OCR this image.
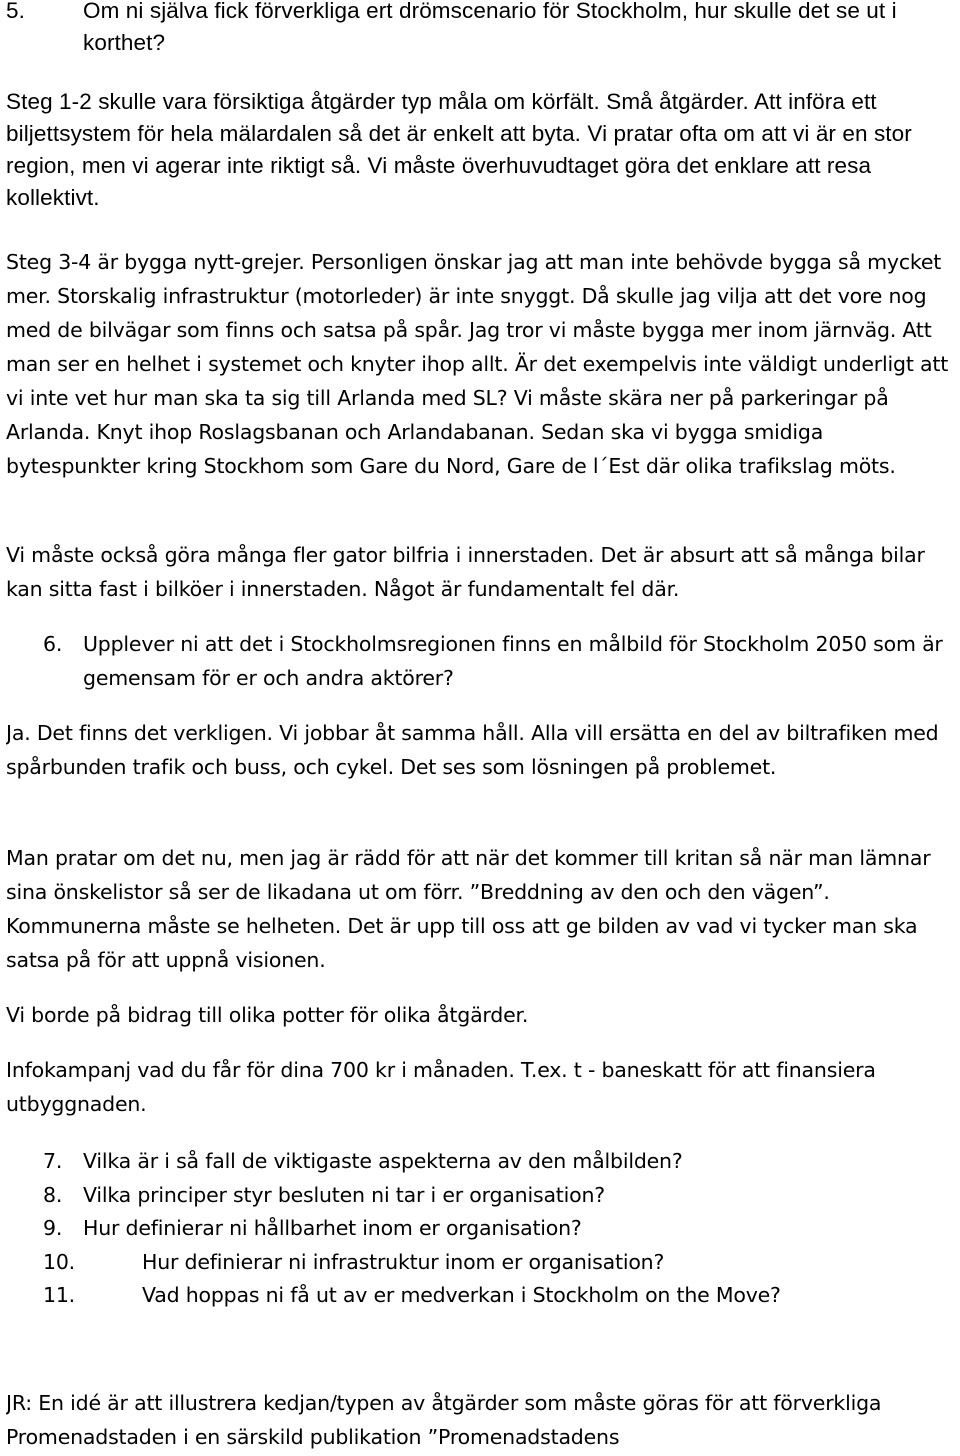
5.	Om ni själva fick förverkliga ert drömscenario för Stockholm, hur skulle det se ut i korthet?

Steg 1-2 skulle vara försiktiga åtgärder typ måla om körfält. Små åtgärder. Att införa ett biljettsystem för hela mälardalen så det är enkelt att byta. Vi pratar ofta om att vi är en stor region, men vi agerar inte riktigt så. Vi måste överhuvudtaget göra det enklare att resa kollektivt.

Steg 3-4 är bygga nytt-grejer. Personligen önskar jag att man inte behövde bygga så mycket mer. Storskalig infrastruktur (motorleder) är inte snyggt. Då skulle jag vilja att det vore nog med de bilvägar som finns och satsa på spår. Jag tror vi måste bygga mer inom järnväg. Att man ser en helhet i systemet och knyter ihop allt. Är det exempelvis inte väldigt underligt att vi inte vet hur man ska ta sig till Arlanda med SL? Vi måste skära ner på parkeringar på Arlanda. Knyt ihop Roslagsbanan och Arlandabanan. Sedan ska vi bygga smidiga bytespunkter kring Stockhom som Gare du Nord, Gare de l´Est där olika trafikslag möts.

Vi måste också göra många fler gator bilfria i innerstaden. Det är absurt att så många bilar kan sitta fast i bilköer i innerstaden. Något är fundamentalt fel där.

6. Upplever ni att det i Stockholmsregionen finns en målbild för Stockholm 2050 som är gemensam för er och andra aktörer?

Ja. Det finns det verkligen. Vi jobbar åt samma håll. Alla vill ersätta en del av biltrafiken med spårbunden trafik och buss, och cykel. Det ses som lösningen på problemet.

Man pratar om det nu, men jag är rädd för att när det kommer till kritan så när man lämnar sina önskelistor så ser de likadana ut om förr. ”Breddning av den och den vägen”. Kommunerna måste se helheten. Det är upp till oss att ge bilden av vad vi tycker man ska satsa på för att uppnå visionen.

Vi borde på bidrag till olika potter för olika åtgärder.

Infokampanj vad du får för dina 700 kr i månaden. T.ex. t - baneskatt för att finansiera utbyggnaden.

7. Vilka är i så fall de viktigaste aspekterna av den målbilden?
8. Vilka principer styr besluten ni tar i er organisation?
9. Hur definierar ni hållbarhet inom er organisation?
10.	Hur definierar ni infrastruktur inom er organisation?
11.	Vad hoppas ni få ut av er medverkan i Stockholm on the Move?

JR: En idé är att illustrera kedjan/typen av åtgärder som måste göras för att förverkliga Promenadstaden i en särskild publikation ”Promenadstadens
